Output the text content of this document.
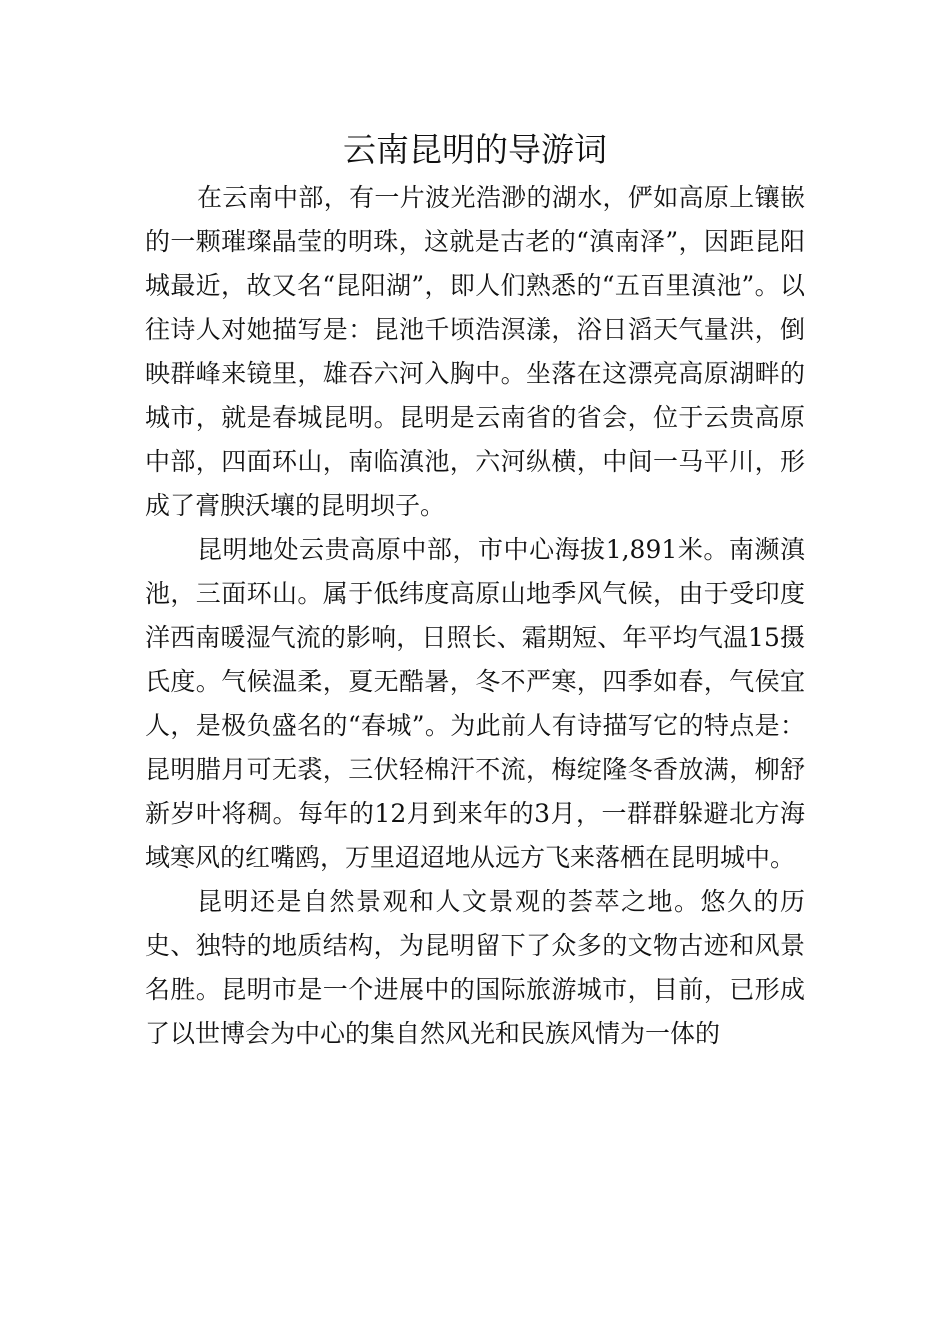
云南昆明的导游词

在云南中部，有一片波光浩渺的湖水，俨如高原上镶嵌的一颗璀璨晶莹的明珠，这就是古老的“滇南泽”，因距昆阳城最近，故又名“昆阳湖”，即人们熟悉的“五百里滇池”。以往诗人对她描写是：昆池千顷浩溟漾，浴日滔天气量洪，倒映群峰来镜里，雄吞六河入胸中。坐落在这漂亮高原湖畔的城市，就是春城昆明。昆明是云南省的省会，位于云贵高原中部，四面环山，南临滇池，六河纵横，中间一马平川，形成了膏腴沃壤的昆明坝子。

昆明地处云贵高原中部，市中心海拔1,891米。南濒滇池，三面环山。属于低纬度高原山地季风气候，由于受印度洋西南暖湿气流的影响，日照长、霜期短、年平均气温15摄氏度。气候温柔，夏无酷暑，冬不严寒，四季如春，气侯宜人，是极负盛名的“春城”。为此前人有诗描写它的特点是：昆明腊月可无裘，三伏轻棉汗不流，梅绽隆冬香放满，柳舒新岁叶将稠。每年的12月到来年的3月，一群群躲避北方海域寒风的红嘴鸥，万里迢迢地从远方飞来落栖在昆明城中。

昆明还是自然景观和人文景观的荟萃之地。悠久的历史、独特的地质结构，为昆明留下了众多的文物古迹和风景名胜。昆明市是一个进展中的国际旅游城市，目前，已形成了以世博会为中心的集自然风光和民族风情为一体的
